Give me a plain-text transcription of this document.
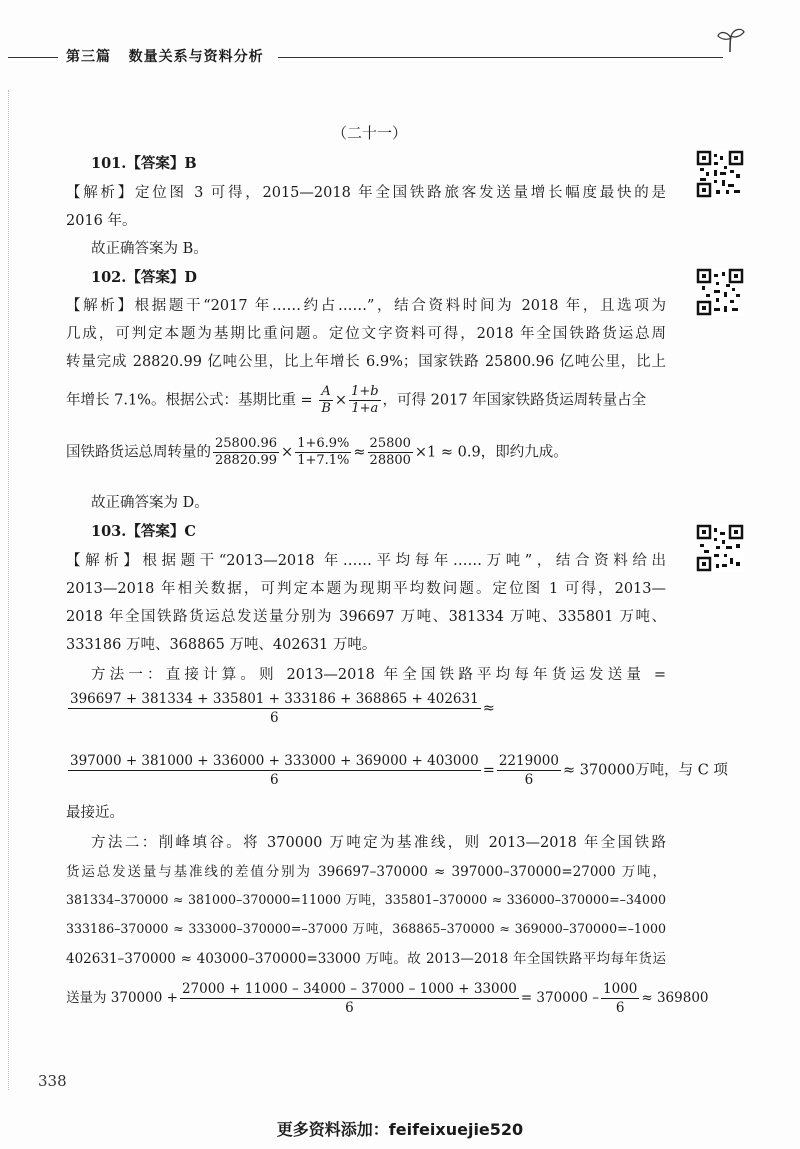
第三篇 数量关系与资料分析
（二十一）
101.【答案】B
【解析】定位图 3 可得，2015—2018 年全国铁路旅客发送量增长幅度最快的是
2016 年。
故正确答案为 B。
102.【答案】D
【解析】根据题干“2017 年……约占……”，结合资料时间为 2018 年，且选项为
几成，可判定本题为基期比重问题。定位文字资料可得，2018 年全国铁路货运总周
转量完成 28820.99 亿吨公里，比上年增长 6.9%；国家铁路 25800.96 亿吨公里，比上
年增长 7.1%。根据公式：基期比重 = $\frac{A}{B} \times \frac{1+b}{1+a}$ ，可得 2017 年国家铁路货运周转量占全
国铁路货运总周转量的 $\frac{25800.96}{28820.99} \times \frac{1+6.9\%}{1+7.1\%} \approx \frac{25800}{28800} \times 1 \approx 0.9$，即约九成。
故正确答案为 D。
103.【答案】C
【解析】根据题干“2013—2018 年……平均每年……万吨”，结合资料给出
2013—2018 年相关数据，可判定本题为现期平均数问题。定位图 1 可得，2013—
2018 年全国铁路货运总发送量分别为 396697 万吨、381334 万吨、335801 万吨、
333186 万吨、368865 万吨、402631 万吨。
方法一：直接计算。则 2013—2018 年全国铁路平均每年货运发送量 =
$\frac{396697 + 381334 + 335801 + 333186 + 368865 + 402631}{6}$ ≈
$\frac{397000 + 381000 + 336000 + 333000 + 369000 + 403000}{6} = \frac{2219000}{6} \approx 370000$万吨，与 C 项
最接近。
方法二：削峰填谷。将 370000 万吨定为基准线，则 2013—2018 年全国铁路
货运总发送量与基准线的差值分别为 396697–370000 ≈ 397000–370000=27000 万吨，
381334–370000 ≈ 381000–370000=11000 万吨，335801–370000 ≈ 336000–370000=–34000
333186–370000 ≈ 333000–370000=–37000 万吨，368865–370000 ≈ 369000–370000=–1000
402631–370000 ≈ 403000–370000=33000 万吨。故 2013—2018 年全国铁路平均每年货运
送量为 $370000 + \frac{27000 + 11000 - 34000 - 37000 - 1000 + 33000}{6} = 370000 - \frac{1000}{6} \approx 369800$
338
更多资料添加：feifeixuejie520
